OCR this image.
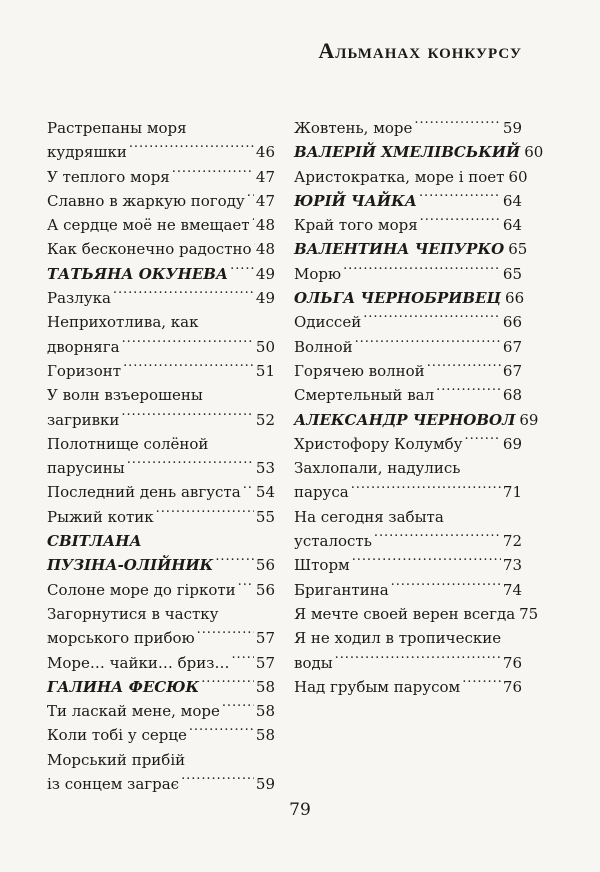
Альманах конкурсу
Растрепаны моря
кудряшки . . .	46
У теплого моря . . .	47
Славно в жаркую погоду . . . 47
А сердце моё не вмещает . . . 48
Как бесконечно радостно . . . 48
ТАТЬЯНА ОКУНЕВА . . . 49
Разлука . . .	49
Неприхотлива, как
дворняга . . .	50
Горизонт . . .	51
У волн взъерошены
загривки . . .	52
Полотнище солёной
парусины . . .	53
Последний день августа . . . 54
Рыжий котик . . .	55
СВІТЛАНА
ПУЗІНА-ОЛІЙНИК . . .	56
Солоне море до гіркоти . . . 56
Загорнутися в частку
морського прибою . . .	57
Море… чайки… бриз… . . . 57
ГАЛИНА ФЕСЮК . . .	58
Ти ласкай мене, море . . . 58
Коли тобі у серце . . .	58
Морський прибій
із сонцем заграє . . .	59
Жовтень, море . . .	59
ВАЛЕРІЙ ХМЕЛІВСЬКИЙ 60
Аристократка, море і поет 60
ЮРІЙ ЧАЙКА . . .	64
Край того моря . . .	64
ВАЛЕНТИНА ЧЕПУРКО 65
Морю . . .	65
ОЛЬГА ЧЕРНОБРИВЕЦ 66
Одиссей . . .	66
Волной . . .	67
Горячею волной . . .	67
Смертельный вал . . .	68
АЛЕКСАНДР ЧЕРНОВОЛ 69
Христофору Колумбу . . .	69
Захлопали, надулись
паруса . . .	71
На сегодня забыта
усталость . . .	72
Шторм . . .	73
Бригантина . . .	74
Я мечте своей верен всегда 75
Я не ходил в тропические
воды . . .	76
Над грубым парусом . . .	76
79
